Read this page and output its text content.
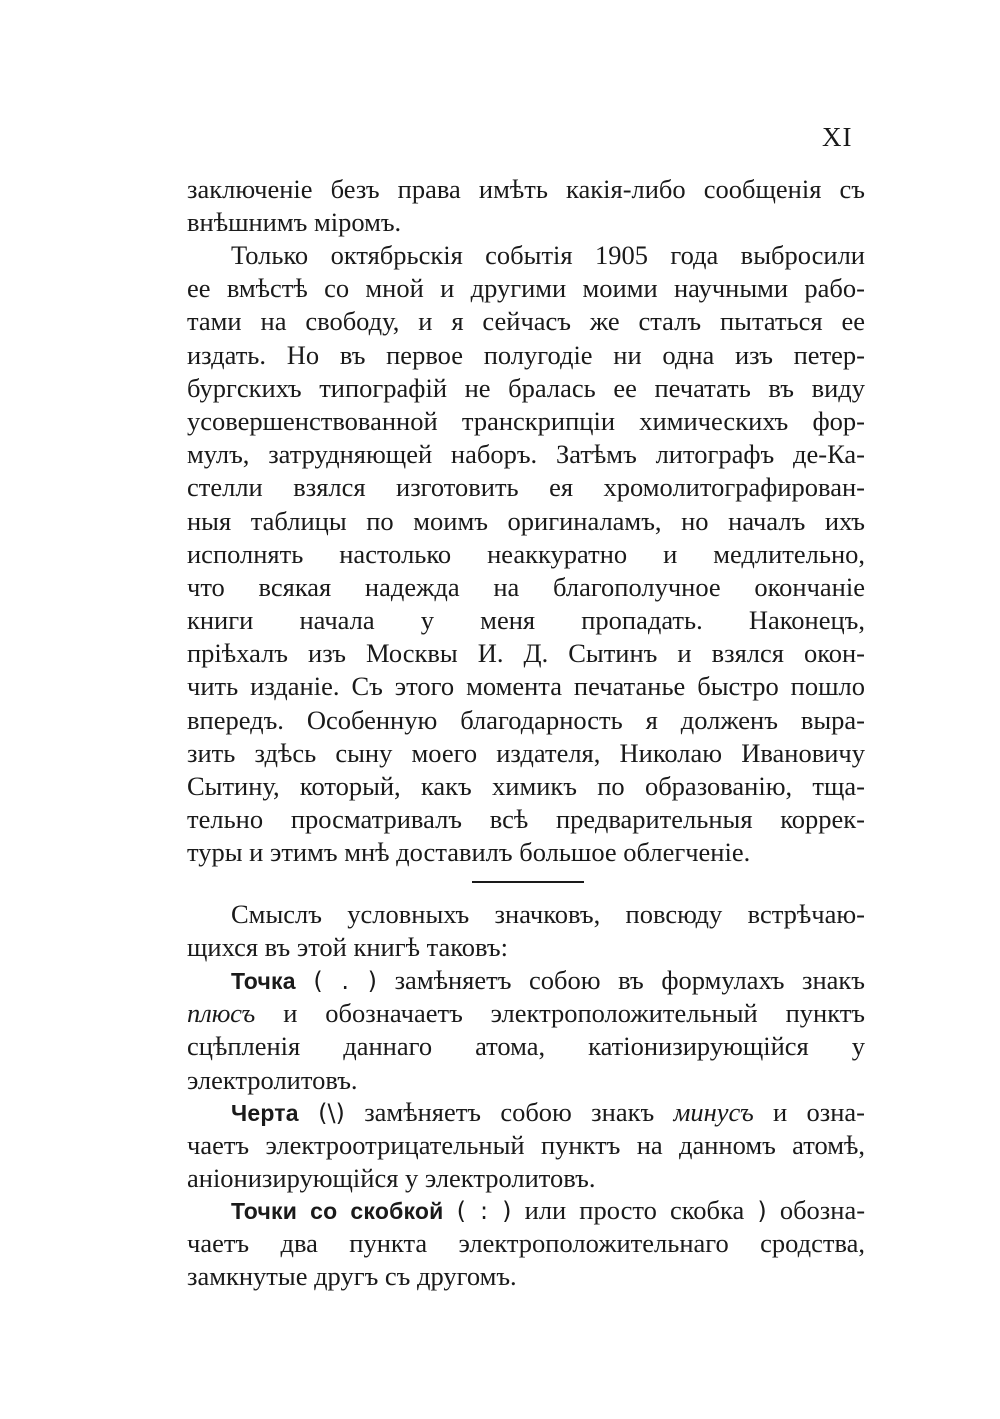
XI
заключеніе безъ права имѣть какія-либо сообщенія съ
внѣшнимъ міромъ.
Только октябрьскія событія 1905 года выбросили
ее вмѣстѣ со мной и другими моими научными рабо-
тами на свободу, и я сейчасъ же сталъ пытаться ее
издать. Но въ первое полугодіе ни одна изъ петер-
бургскихъ типографій не бралась ее печатать въ виду
усовершенствованной транскрипціи химическихъ фор-
мулъ, затрудняющей наборъ. Затѣмъ литографъ де-Ка-
стелли взялся изготовить ея хромолитографирован-
ныя таблицы по моимъ оригиналамъ, но началъ ихъ
исполнять настолько неаккуратно и медлительно,
что всякая надежда на благополучное окончаніе
книги начала у меня пропадать. Наконецъ,
пріѣхалъ изъ Москвы И. Д. Сытинъ и взялся окон-
чить изданіе. Съ этого момента печатанье быстро пошло
впередъ. Особенную благодарность я долженъ выра-
зить здѣсь сыну моего издателя, Николаю Ивановичу
Сытину, который, какъ химикъ по образованію, тща-
тельно просматривалъ всѣ предварительныя коррек-
туры и этимъ мнѣ доставилъ большое облегченіе.
Смыслъ условныхъ значковъ, повсюду встрѣчаю-
щихся въ этой книгѣ таковъ:
Точка ( . ) замѣняетъ собою въ формулахъ знакъ
плюсъ и обозначаетъ электроположительный пунктъ
сцѣпленія даннаго атома, катіонизирующійся у
электролитовъ.
Черта (\) замѣняетъ собою знакъ минусъ и озна-
чаетъ электроотрицательный пунктъ на данномъ атомѣ,
аніонизирующійся у электролитовъ.
Точки со скобкой ( : ) или просто скобка ) обозна-
чаетъ два пункта электроположительнаго сродства,
замкнутые другъ съ другомъ.
